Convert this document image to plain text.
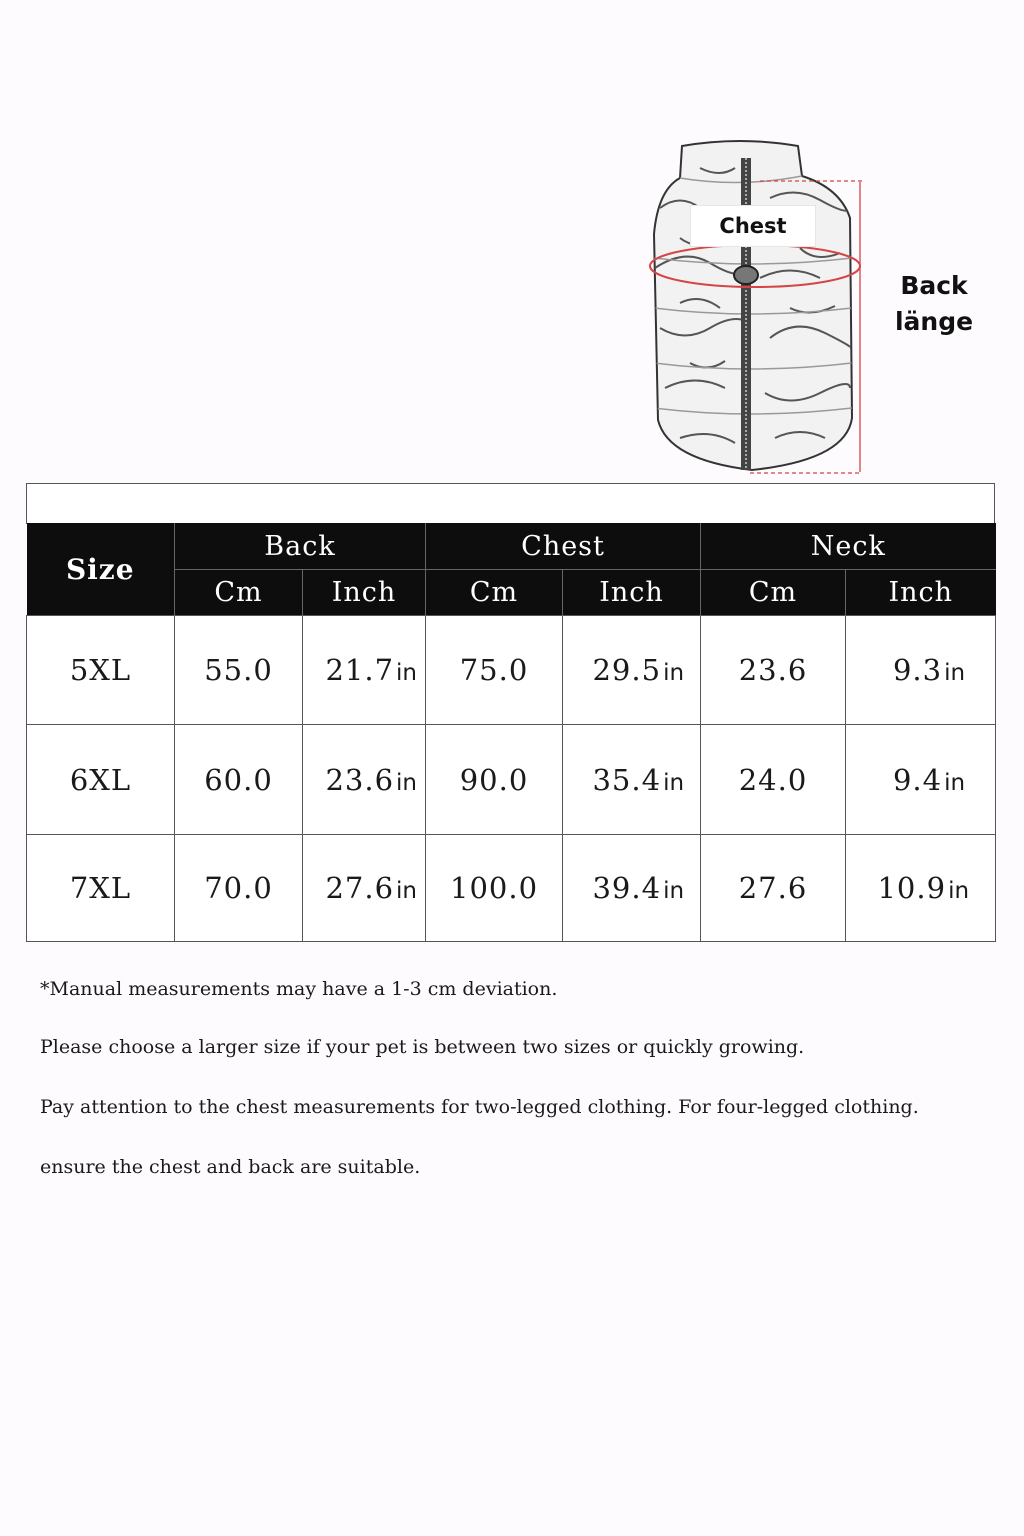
Chest
Back
länge
Size	Back		Chest		Neck	
	Cm	Inch	Cm	Inch	Cm	Inch
5XL	55.0	21.7in	75.0	29.5in	23.6	9.3in
6XL	60.0	23.6in	90.0	35.4in	24.0	9.4in
7XL	70.0	27.6in	100.0	39.4in	27.6	10.9in

*Manual measurements may have a 1-3 cm deviation.

Please choose a larger size if your pet is between two sizes or quickly growing.

Pay attention to the chest measurements for two-legged clothing. For four-legged clothing.

ensure the chest and back are suitable.
